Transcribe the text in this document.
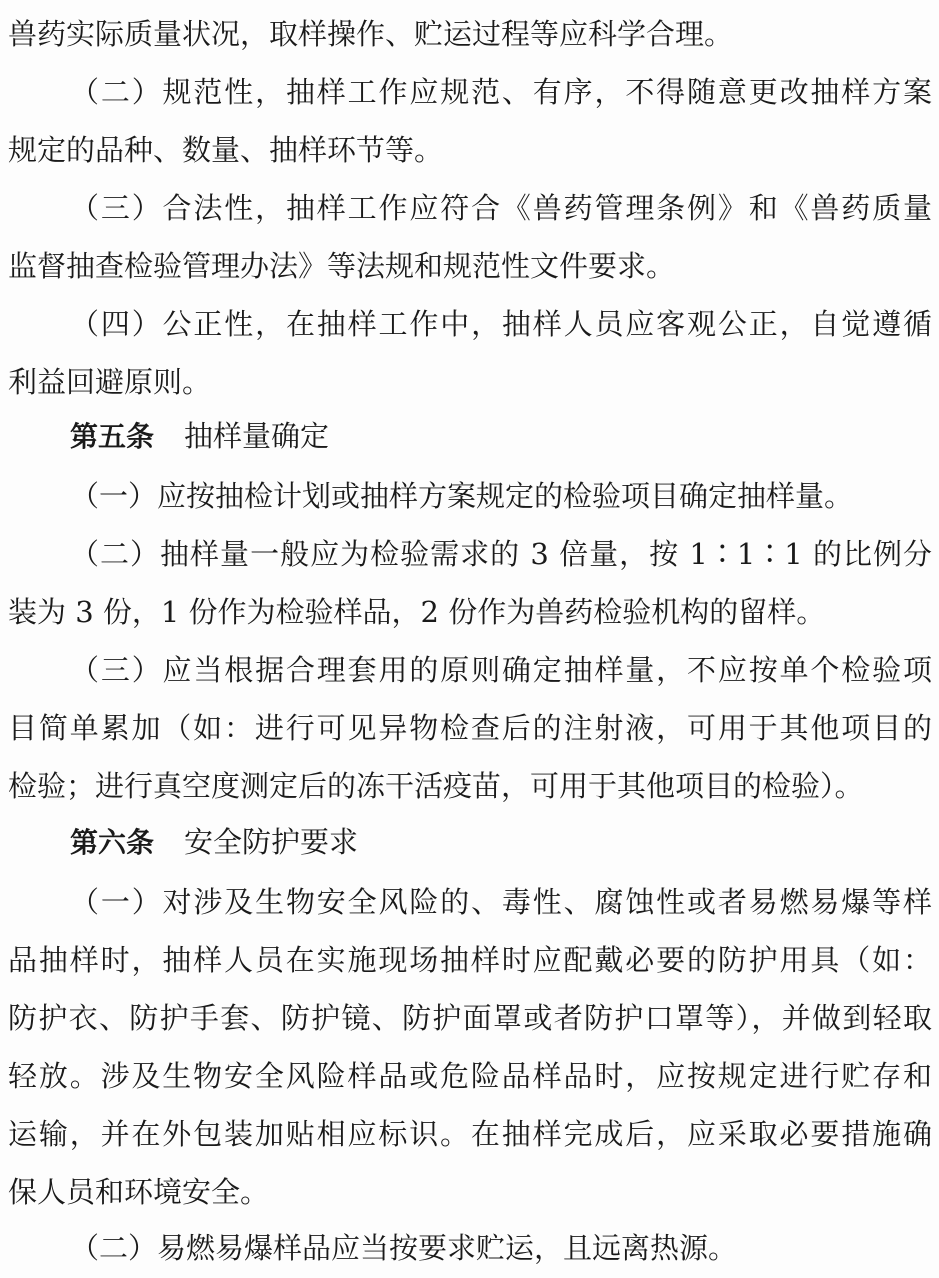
兽药实际质量状况，取样操作、贮运过程等应科学合理。
（二）规范性，抽样工作应规范、有序，不得随意更改抽样方案
规定的品种、数量、抽样环节等。
（三）合法性，抽样工作应符合《兽药管理条例》和《兽药质量
监督抽查检验管理办法》等法规和规范性文件要求。
（四）公正性，在抽样工作中，抽样人员应客观公正，自觉遵循
利益回避原则。
第五条 抽样量确定
（一）应按抽检计划或抽样方案规定的检验项目确定抽样量。
（二）抽样量一般应为检验需求的 3 倍量，按 1∶1∶1 的比例分
装为 3 份，1 份作为检验样品，2 份作为兽药检验机构的留样。
（三）应当根据合理套用的原则确定抽样量，不应按单个检验项
目简单累加（如：进行可见异物检查后的注射液，可用于其他项目的
检验；进行真空度测定后的冻干活疫苗，可用于其他项目的检验）。
第六条 安全防护要求
（一）对涉及生物安全风险的、毒性、腐蚀性或者易燃易爆等样
品抽样时，抽样人员在实施现场抽样时应配戴必要的防护用具（如：
防护衣、防护手套、防护镜、防护面罩或者防护口罩等），并做到轻取
轻放。涉及生物安全风险样品或危险品样品时，应按规定进行贮存和
运输，并在外包装加贴相应标识。在抽样完成后，应采取必要措施确
保人员和环境安全。
（二）易燃易爆样品应当按要求贮运，且远离热源。
